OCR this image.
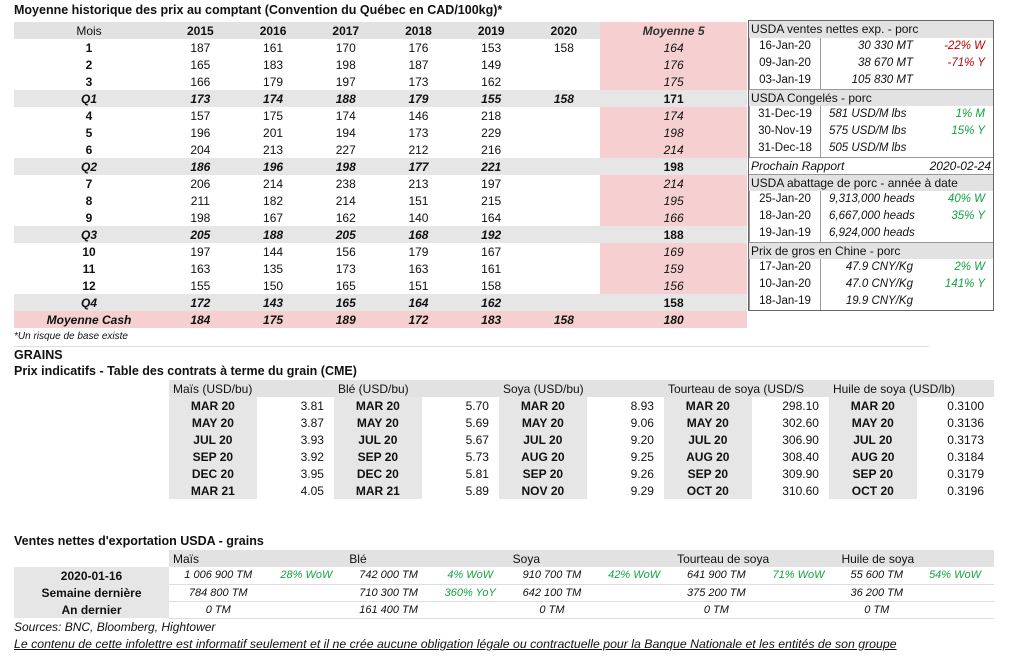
Moyenne historique des prix au comptant (Convention du Québec en CAD/100kg)*
Mois	2015	2016	2017	2018	2019	2020	Moyenne 5
1	187	161	170	176	153	158	164
2	165	183	198	187	149		176
3	166	179	197	173	162		175
Q1	173	174	188	179	155	158	171
4	157	175	174	146	218		174
5	196	201	194	173	229		198
6	204	213	227	212	216		214
Q2	186	196	198	177	221		198
7	206	214	238	213	197		214
8	211	182	214	151	215		195
9	198	167	162	140	164		166
Q3	205	188	205	168	192		188
10	197	144	156	179	167		169
11	163	135	173	163	161		159
12	155	150	165	151	158		156
Q4	172	143	165	164	162		158
Moyenne Cash	184	175	189	172	183	158	180
USDA ventes nettes exp. - porc
16-Jan-20	30 330 MT	-22% W
09-Jan-20	38 670 MT	-71% Y
03-Jan-19	105 830 MT
USDA Congelés - porc
31-Dec-19	581 USD/M lbs	1% M
30-Nov-19	575 USD/M lbs	15% Y
31-Dec-18	505 USD/M lbs
Prochain Rapport	2020-02-24
USDA abattage de porc - année à date
25-Jan-20	9,313,000 heads	40% W
18-Jan-20	6,667,000 heads	35% Y
19-Jan-19	6,924,000 heads
Prix de gros en Chine - porc
17-Jan-20	47.9 CNY/Kg	2% W
10-Jan-20	47.0 CNY/Kg	141% Y
18-Jan-19	19.9 CNY/Kg
*Un risque de base existe
GRAINS
Prix indicatifs - Table des contrats à terme du grain (CME)
Maïs (USD/bu)		Blé (USD/bu)		Soya (USD/bu)		Tourteau de soya (USD/S		Huile de soya (USD/lb)	
MAR 20	3.81	MAR 20	5.70	MAR 20	8.93	MAR 20	298.10	MAR 20	0.3100
MAY 20	3.87	MAY 20	5.69	MAY 20	9.06	MAY 20	302.60	MAY 20	0.3136
JUL 20	3.93	JUL 20	5.67	JUL 20	9.20	JUL 20	306.90	JUL 20	0.3173
SEP 20	3.92	SEP 20	5.73	AUG 20	9.25	AUG 20	308.40	AUG 20	0.3184
DEC 20	3.95	DEC 20	5.81	SEP 20	9.26	SEP 20	309.90	SEP 20	0.3179
MAR 21	4.05	MAR 21	5.89	NOV 20	9.29	OCT 20	310.60	OCT 20	0.3196
Ventes nettes d'exportation USDA - grains
	Maïs		Blé		Soya		Tourteau de soya		Huile de soya	
2020-01-16	1 006 900 TM	28% WoW	742 000 TM	4% WoW	910 700 TM	42% WoW	641 900 TM	71% WoW	55 600 TM	54% WoW
Semaine dernière	784 800 TM		710 300 TM	360% YoY	642 100 TM		375 200 TM		36 200 TM	
An dernier	0 TM		161 400 TM		0 TM		0 TM		0 TM	
Sources: BNC, Bloomberg, Hightower
Le contenu de cette infolettre est informatif seulement et il ne crée aucune obligation légale ou contractuelle pour la Banque Nationale et les entités de son groupe
